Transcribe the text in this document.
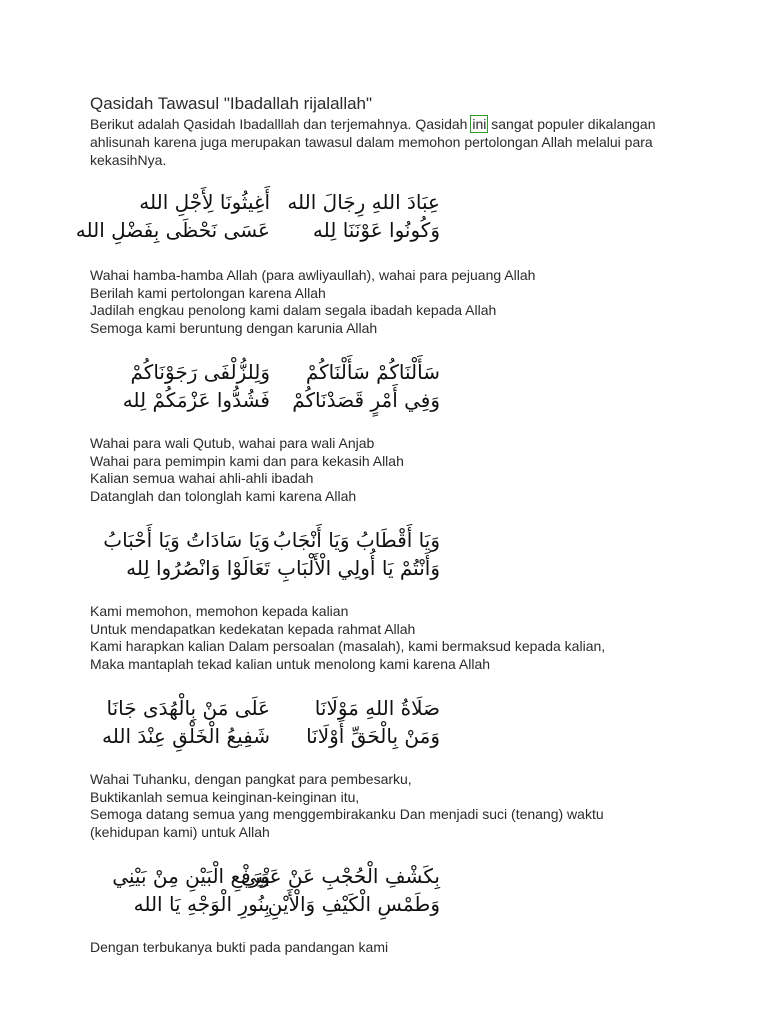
Qasidah Tawasul "Ibadallah rijalallah"
Berikut adalah Qasidah Ibadalllah dan terjemahnya. Qasidah ini sangat populer dikalangan
ahlisunah karena juga merupakan tawasul dalam memohon pertolongan Allah melalui para
kekasihNya.
عِبَادَ اللهِ رِجَالَ الله
أَغِيثُونَا لِأَجْلِ الله
وَكُونُوا عَوْنَنَا لِله
عَسَى نَحْظَى بِفَضْلِ الله
Wahai hamba-hamba Allah (para awliyaullah), wahai para pejuang Allah
Berilah kami pertolongan karena Allah
Jadilah engkau penolong kami dalam segala ibadah kepada Allah
Semoga kami beruntung dengan karunia Allah
سَأَلْنَاكُمْ سَأَلْنَاكُمْ
وَلِلزُّلْفَى رَجَوْنَاكُمْ
وَفِي أَمْرٍ قَصَدْنَاكُمْ
فَشُدُّوا عَزْمَكُمْ لِله
Wahai para wali Qutub, wahai para wali Anjab
Wahai para pemimpin kami dan para kekasih Allah
Kalian semua wahai ahli-ahli ibadah
Datanglah dan tolonglah kami karena Allah
وَيَا أَقْطَابُ وَيَا أَنْجَابُ
وَيَا سَادَاتُ وَيَا أَحْبَابُ
وَأَنْتُمْ يَا أُولِي الْأَلْبَابِ
تَعَالَوْا وَانْصُرُوا لِله
Kami memohon, memohon kepada kalian
Untuk mendapatkan kedekatan kepada rahmat Allah
Kami harapkan kalian Dalam persoalan (masalah), kami bermaksud kepada kalian,
Maka mantaplah tekad kalian untuk menolong kami karena Allah
صَلَاةُ اللهِ مَوْلَانَا
عَلَى مَنْ بِالْهُدَى جَانَا
وَمَنْ بِالْحَقِّ أَوْلَانَا
شَفِيعُ الْخَلْقِ عِنْدَ الله
Wahai Tuhanku, dengan pangkat para pembesarku,
Buktikanlah semua keinginan-keinginan itu,
Semoga datang semua yang menggembirakanku Dan menjadi suci (tenang) waktu
(kehidupan kami) untuk Allah
بِكَشْفِ الْحُجْبِ عَنْ عَيْنِي
وَرَفْعِ الْبَيْنِ مِنْ بَيْنِي
وَطَمْسِ الْكَيْفِ وَالْأَيْنِ
بِنُورِ الْوَجْهِ يَا الله
Dengan terbukanya bukti pada pandangan kami
